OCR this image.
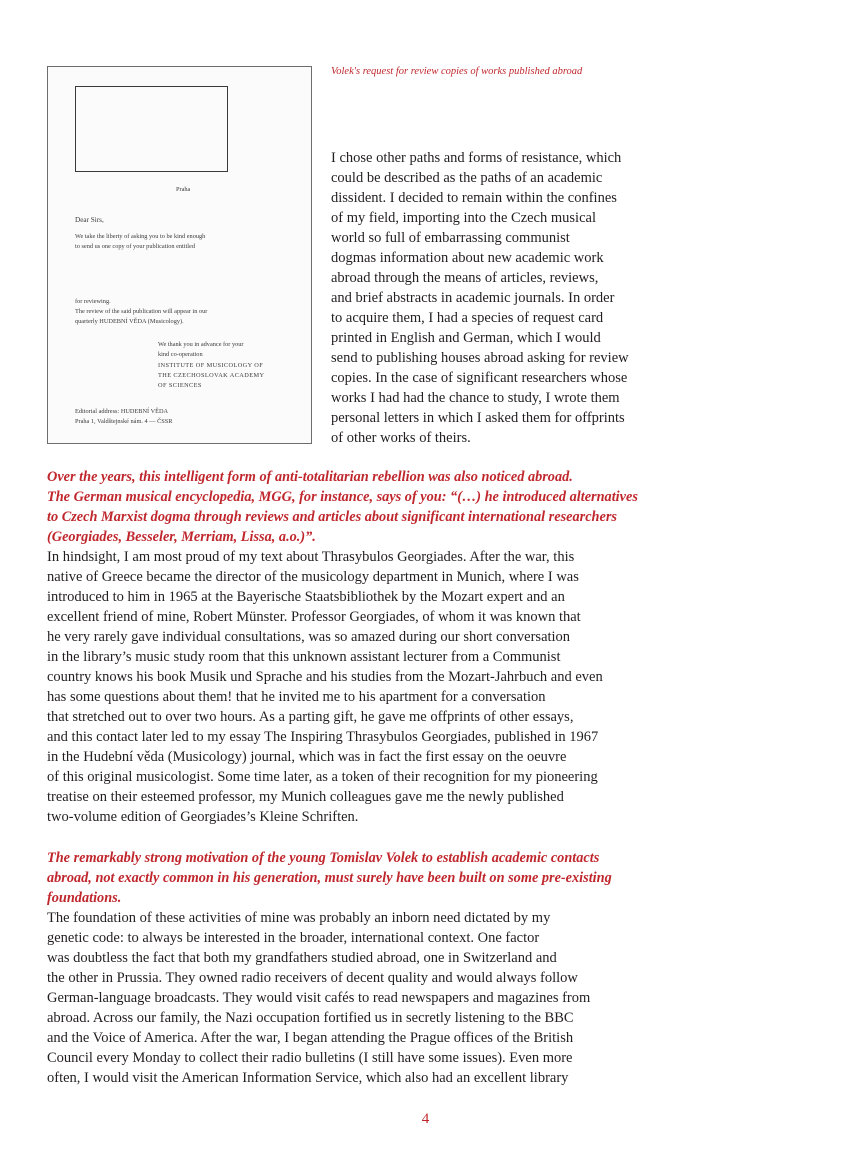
Praha
Dear Sirs,
We take the liberty of asking you to be kind enough
to send us one copy of your publication entitled
for reviewing.
The review of the said publication will appear in our
quarterly HUDEBNÍ VĚDA (Musicology).
We thank you in advance for your
kind co-operation
INSTITUTE OF MUSICOLOGY OF
THE CZECHOSLOVAK ACADEMY
OF SCIENCES
Editorial address: HUDEBNÍ VĚDA
Praha 1, Valdštejnské nám. 4 — ČSSR
Volek's request for review copies of works published abroad
I chose other paths and forms of resistance, which
could be described as the paths of an academic
dissident. I decided to remain within the confines
of my field, importing into the Czech musical
world so full of embarrassing communist
dogmas information about new academic work
abroad through the means of articles, reviews,
and brief abstracts in academic journals. In order
to acquire them, I had a species of request card
printed in English and German, which I would
send to publishing houses abroad asking for review
copies. In the case of significant researchers whose
works I had had the chance to study, I wrote them
personal letters in which I asked them for offprints
of other works of theirs.
Over the years, this intelligent form of anti-totalitarian rebellion was also noticed abroad.
The German musical encyclopedia, MGG, for instance, says of you: “(…) he introduced alternatives
to Czech Marxist dogma through reviews and articles about significant international researchers
(Georgiades, Besseler, Merriam, Lissa, a.o.)”.
In hindsight, I am most proud of my text about Thrasybulos Georgiades. After the war, this
native of Greece became the director of the musicology department in Munich, where I was
introduced to him in 1965 at the Bayerische Staatsbibliothek by the Mozart expert and an
excellent friend of mine, Robert Münster. Professor Georgiades, of whom it was known that
he very rarely gave individual consultations, was so amazed during our short conversation
in the library’s music study room that this unknown assistant lecturer from a Communist
country knows his book Musik und Sprache and his studies from the Mozart-Jahrbuch and even
has some questions about them! that he invited me to his apartment for a conversation
that stretched out to over two hours. As a parting gift, he gave me offprints of other essays,
and this contact later led to my essay The Inspiring Thrasybulos Georgiades, published in 1967
in the Hudební věda (Musicology) journal, which was in fact the first essay on the oeuvre
of this original musicologist. Some time later, as a token of their recognition for my pioneering
treatise on their esteemed professor, my Munich colleagues gave me the newly published
two-volume edition of Georgiades’s Kleine Schriften.
The remarkably strong motivation of the young Tomislav Volek to establish academic contacts
abroad, not exactly common in his generation, must surely have been built on some pre-existing
foundations.
The foundation of these activities of mine was probably an inborn need dictated by my
genetic code: to always be interested in the broader, international context. One factor
was doubtless the fact that both my grandfathers studied abroad, one in Switzerland and
the other in Prussia. They owned radio receivers of decent quality and would always follow
German-language broadcasts. They would visit cafés to read newspapers and magazines from
abroad. Across our family, the Nazi occupation fortified us in secretly listening to the BBC
and the Voice of America. After the war, I began attending the Prague offices of the British
Council every Monday to collect their radio bulletins (I still have some issues). Even more
often, I would visit the American Information Service, which also had an excellent library
4
